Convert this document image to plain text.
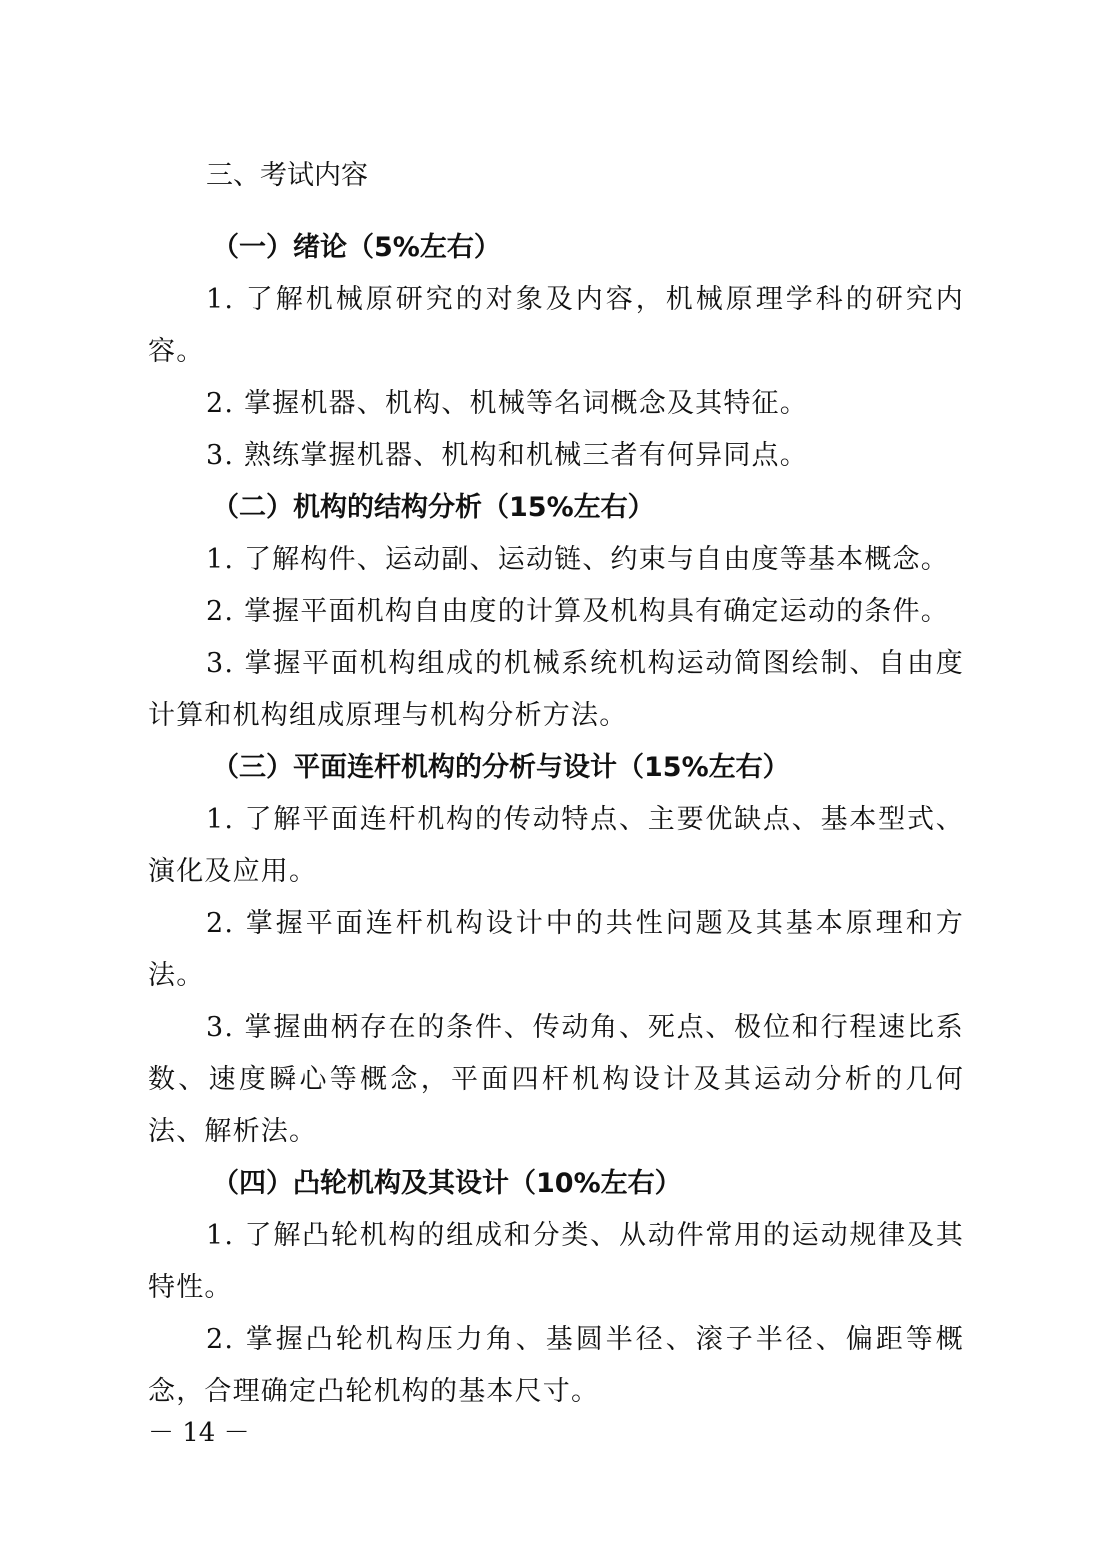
三、考试内容

（一）绪论（5%左右）

1. 了解机械原研究的对象及内容，机械原理学科的研究内容。

2. 掌握机器、机构、机械等名词概念及其特征。

3. 熟练掌握机器、机构和机械三者有何异同点。

（二）机构的结构分析（15%左右）

1. 了解构件、运动副、运动链、约束与自由度等基本概念。

2. 掌握平面机构自由度的计算及机构具有确定运动的条件。

3. 掌握平面机构组成的机械系统机构运动简图绘制、自由度计算和机构组成原理与机构分析方法。

（三）平面连杆机构的分析与设计（15%左右）

1. 了解平面连杆机构的传动特点、主要优缺点、基本型式、演化及应用。

2. 掌握平面连杆机构设计中的共性问题及其基本原理和方法。

3. 掌握曲柄存在的条件、传动角、死点、极位和行程速比系数、速度瞬心等概念，平面四杆机构设计及其运动分析的几何法、解析法。

（四）凸轮机构及其设计（10%左右）

1. 了解凸轮机构的组成和分类、从动件常用的运动规律及其特性。

2. 掌握凸轮机构压力角、基圆半径、滚子半径、偏距等概念，合理确定凸轮机构的基本尺寸。

－ 14 －
